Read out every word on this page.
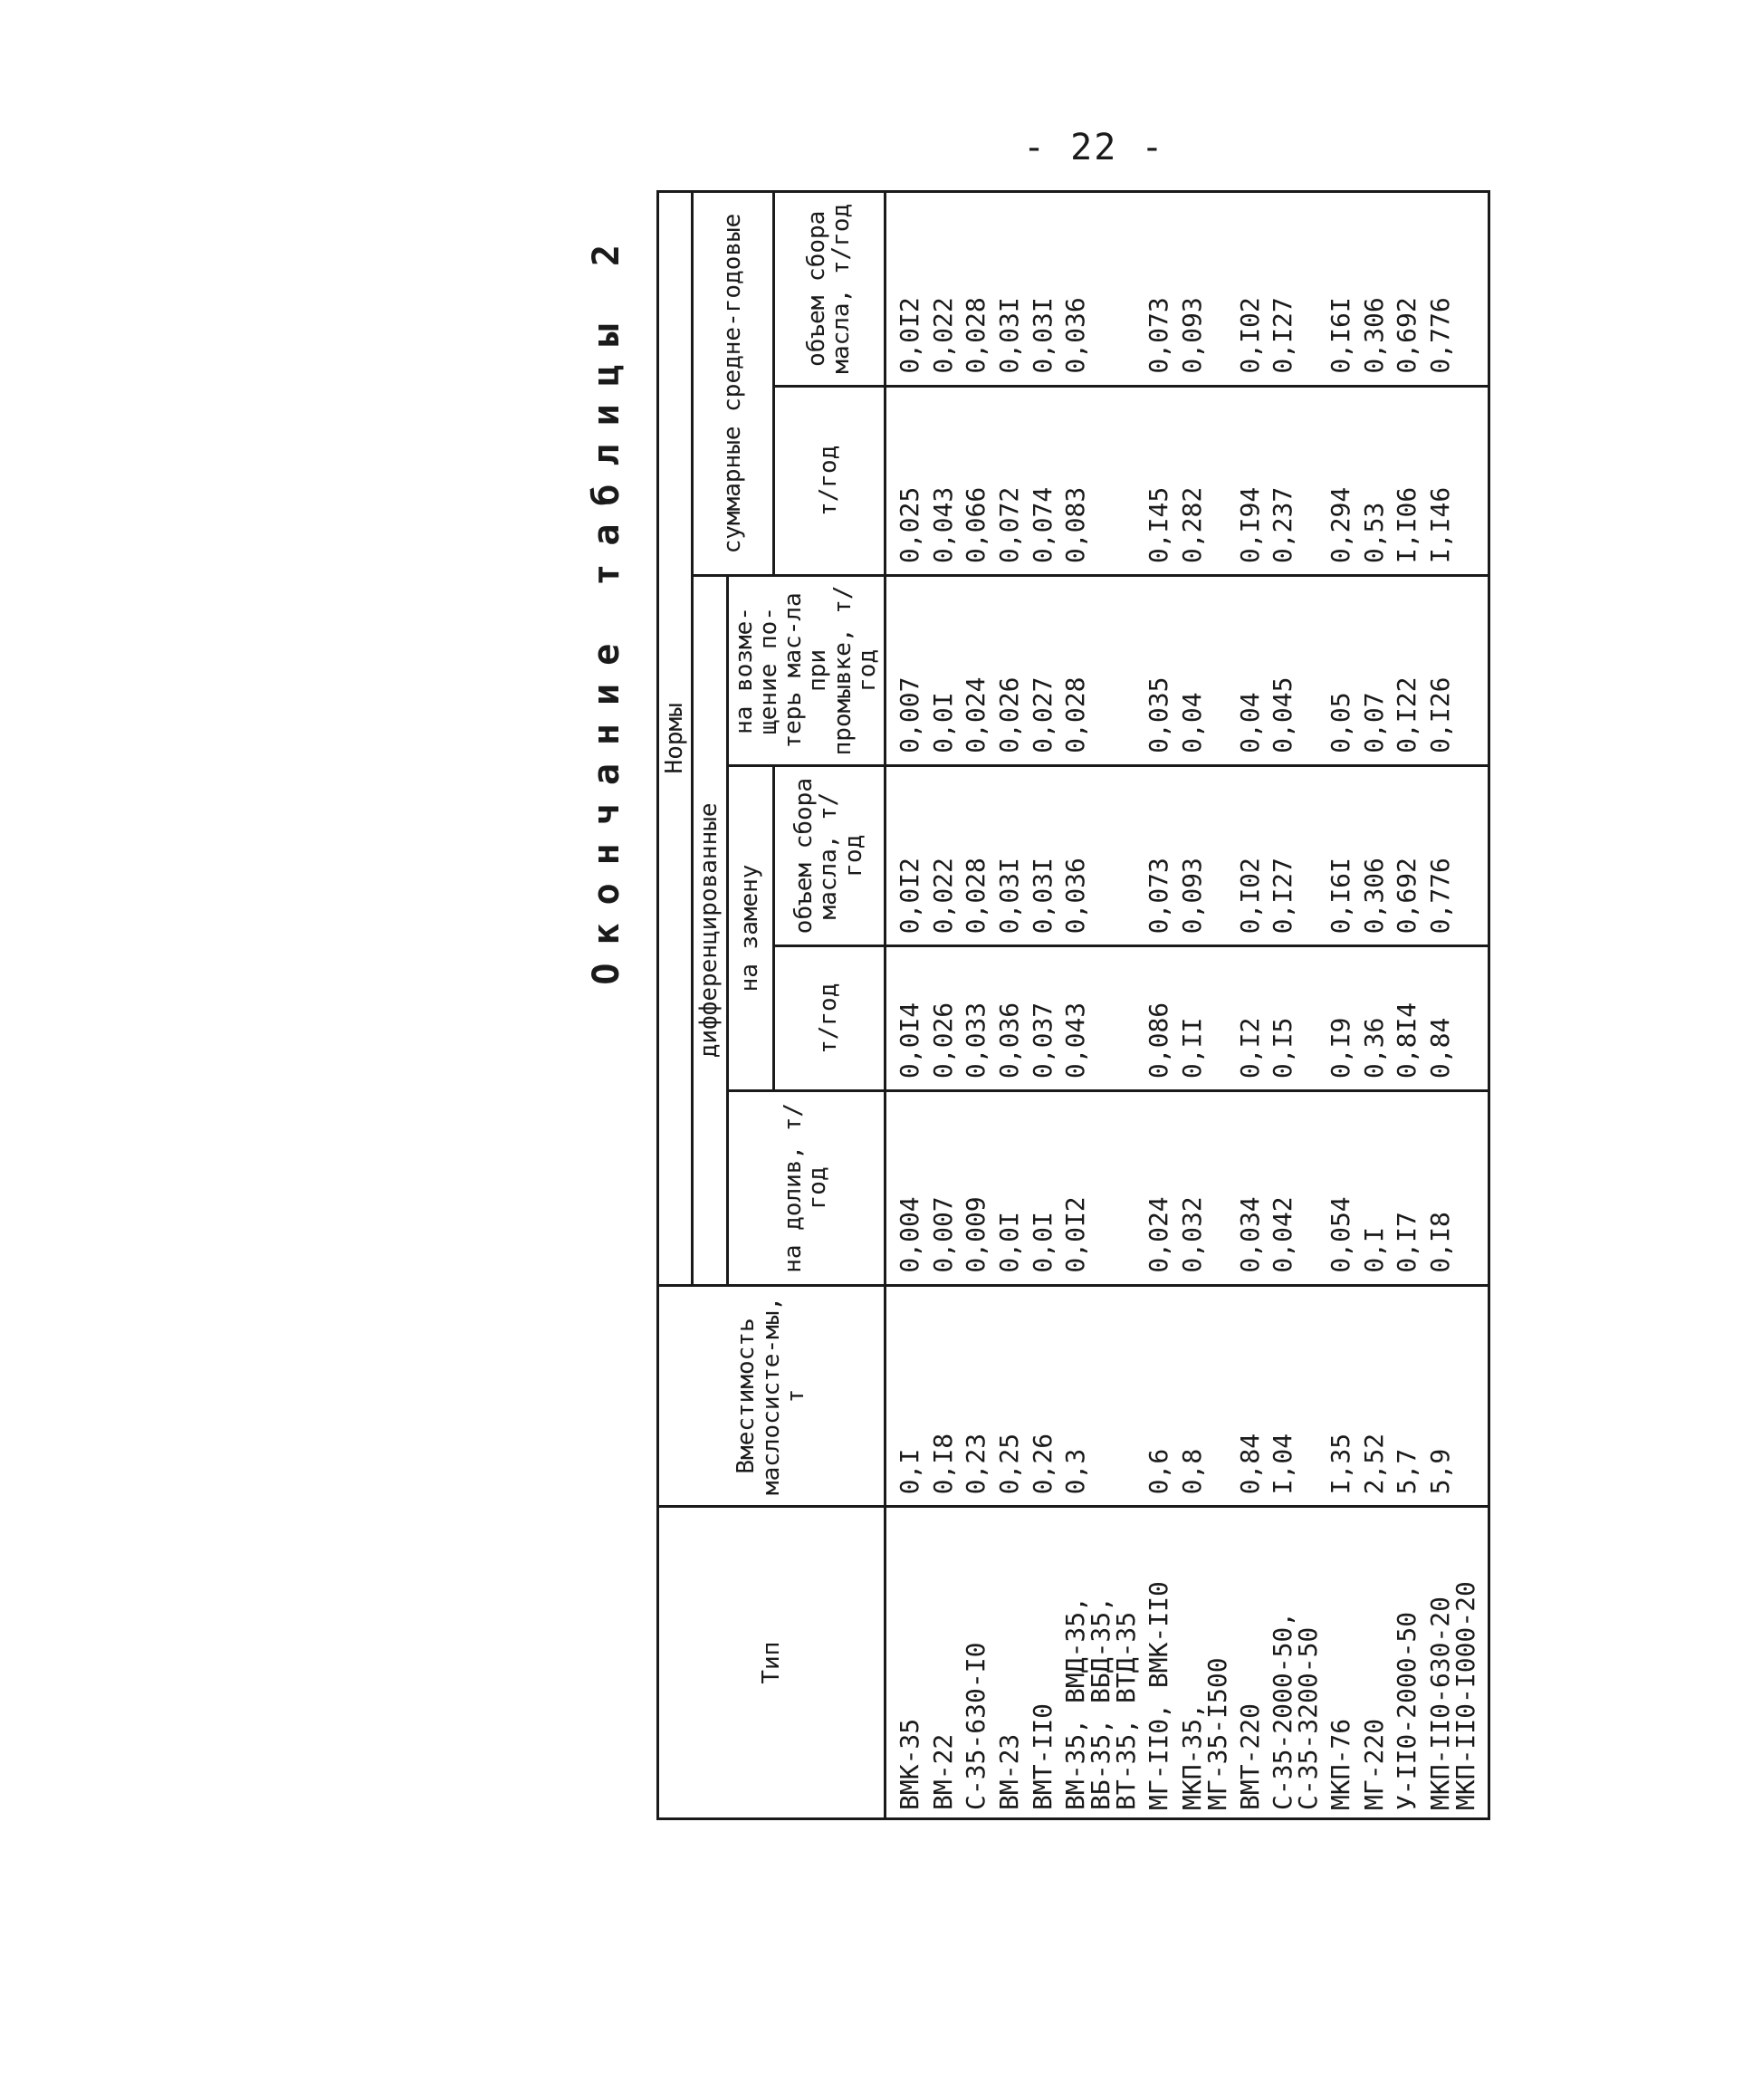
- 22 -
Окончание таблицы 2
Тип	Вместимость маслосисте-мы, т	Нормы					
		дифференцированные				суммарные средне-годовые	
		на долив, т/год	на замену		на возме-щение по-терь мас-ла при промывке, т/год		
			т/год	объем сбора масла, т/год		т/год	объем сбора масла, т/год

ВМК-35	0,I	0,004	0,0I4	0,0I2	0,007	0,025	0,0I2

ВМ-22	0,I8	0,007	0,026	0,022	0,0I	0,043	0,022

С-35-630-I0	0,23	0,009	0,033	0,028	0,024	0,066	0,028

ВМ-23	0,25	0,0I	0,036	0,03I	0,026	0,072	0,03I

ВМТ-II0	0,26	0,0I	0,037	0,03I	0,027	0,074	0,03I

ВМ-35, ВМД-35,
ВБ-35, ВБД-35,
ВТ-35, ВТД-35	0,3	0,0I2	0,043	0,036	0,028	0,083	0,036

МГ-II0, ВМК-II0	0,6	0,024	0,086	0,073	0,035	0,I45	0,073

МКП-35,
МГ-35-I500	0,8	0,032	0,II	0,093	0,04	0,282	0,093

ВМТ-220	0,84	0,034	0,I2	0,I02	0,04	0,I94	0,I02

С-35-2000-50,
С-35-3200-50	I,04	0,042	0,I5	0,I27	0,045	0,237	0,I27

МКП-76	I,35	0,054	0,I9	0,I6I	0,05	0,294	0,I6I

МГ-220	2,52	0,I	0,36	0,306	0,07	0,53	0,306

У-II0-2000-50	5,7	0,I7	0,8I4	0,692	0,I22	I,I06	0,692

МКП-II0-630-20
МКП-II0-I000-20	5,9	0,I8	0,84	0,776	0,I26	I,I46	0,776
